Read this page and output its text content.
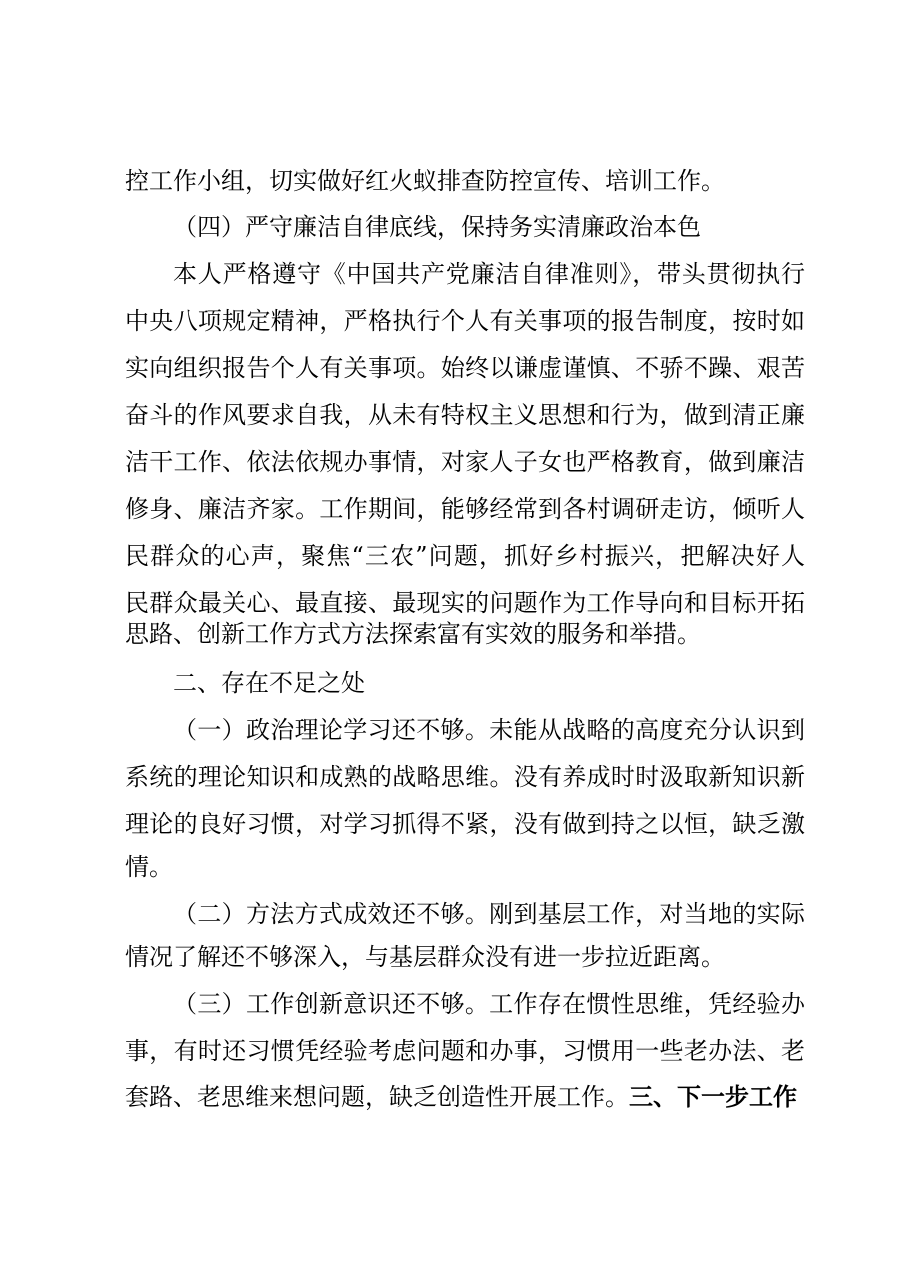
控工作小组，切实做好红火蚁排查防控宣传、培训工作。
（四）严守廉洁自律底线，保持务实清廉政治本色
本人严格遵守《中国共产党廉洁自律准则》，带头贯彻执行
中央八项规定精神，严格执行个人有关事项的报告制度，按时如
实向组织报告个人有关事项。始终以谦虚谨慎、不骄不躁、艰苦
奋斗的作风要求自我，从未有特权主义思想和行为，做到清正廉
洁干工作、依法依规办事情，对家人子女也严格教育，做到廉洁
修身、廉洁齐家。工作期间，能够经常到各村调研走访，倾听人
民群众的心声，聚焦“三农”问题，抓好乡村振兴，把解决好人
民群众最关心、最直接、最现实的问题作为工作导向和目标开拓
思路、创新工作方式方法探索富有实效的服务和举措。
二、存在不足之处
（一）政治理论学习还不够。未能从战略的高度充分认识到
系统的理论知识和成熟的战略思维。没有养成时时汲取新知识新
理论的良好习惯，对学习抓得不紧，没有做到持之以恒，缺乏激
情。
（二）方法方式成效还不够。刚到基层工作，对当地的实际
情况了解还不够深入，与基层群众没有进一步拉近距离。
（三）工作创新意识还不够。工作存在惯性思维，凭经验办
事，有时还习惯凭经验考虑问题和办事，习惯用一些老办法、老
套路、老思维来想问题，缺乏创造性开展工作。三、下一步工作
